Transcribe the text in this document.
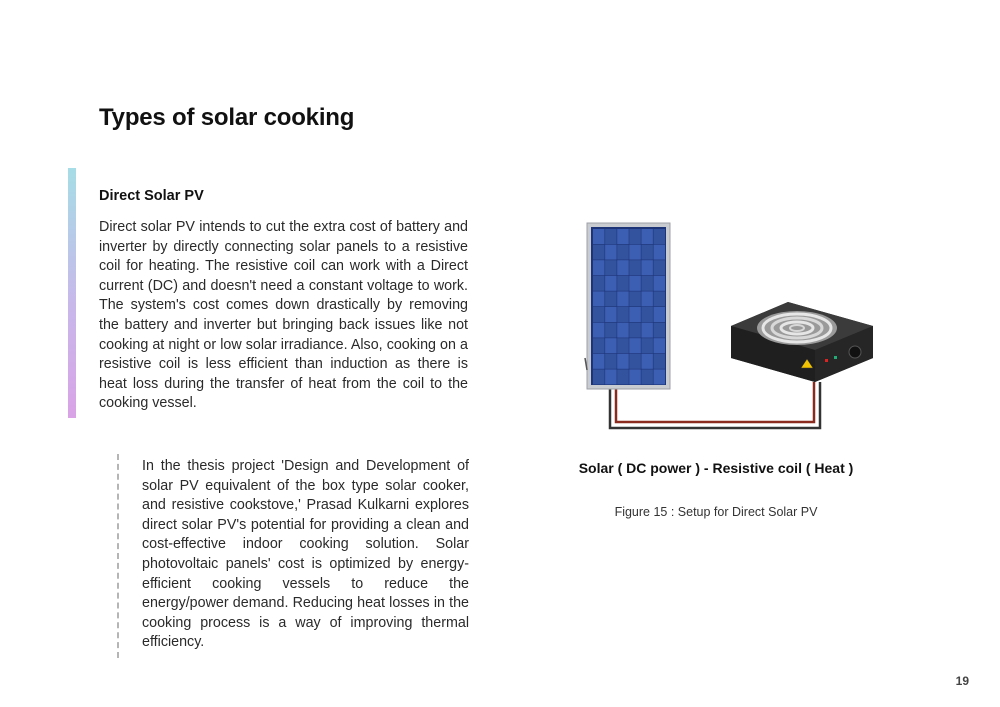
Types of solar cooking
Direct Solar PV

Direct solar PV intends to cut the extra cost of battery and inverter by directly connecting solar panels to a resistive coil for heating. The resistive coil can work with a Direct current (DC) and doesn't need a constant voltage to work. The system's cost comes down drastically by removing the battery and inverter but bringing back issues like not cooking at night or low solar irradiance. Also, cooking on a resistive coil is less efficient than induction as there is heat loss during the transfer of heat from the coil to the cooking vessel.

In the thesis project 'Design and Development of solar PV equivalent of the box type solar cooker, and resistive cookstove,' Prasad Kulkarni explores direct solar PV's potential for providing a clean and cost-effective indoor cooking solution. Solar photovoltaic panels' cost is optimized by energy-efficient cooking vessels to reduce the energy/power demand. Reducing heat losses in the cooking process is a way of improving thermal efficiency.

Solar ( DC power ) - Resistive coil ( Heat )

Figure 15 : Setup for Direct Solar PV

19
